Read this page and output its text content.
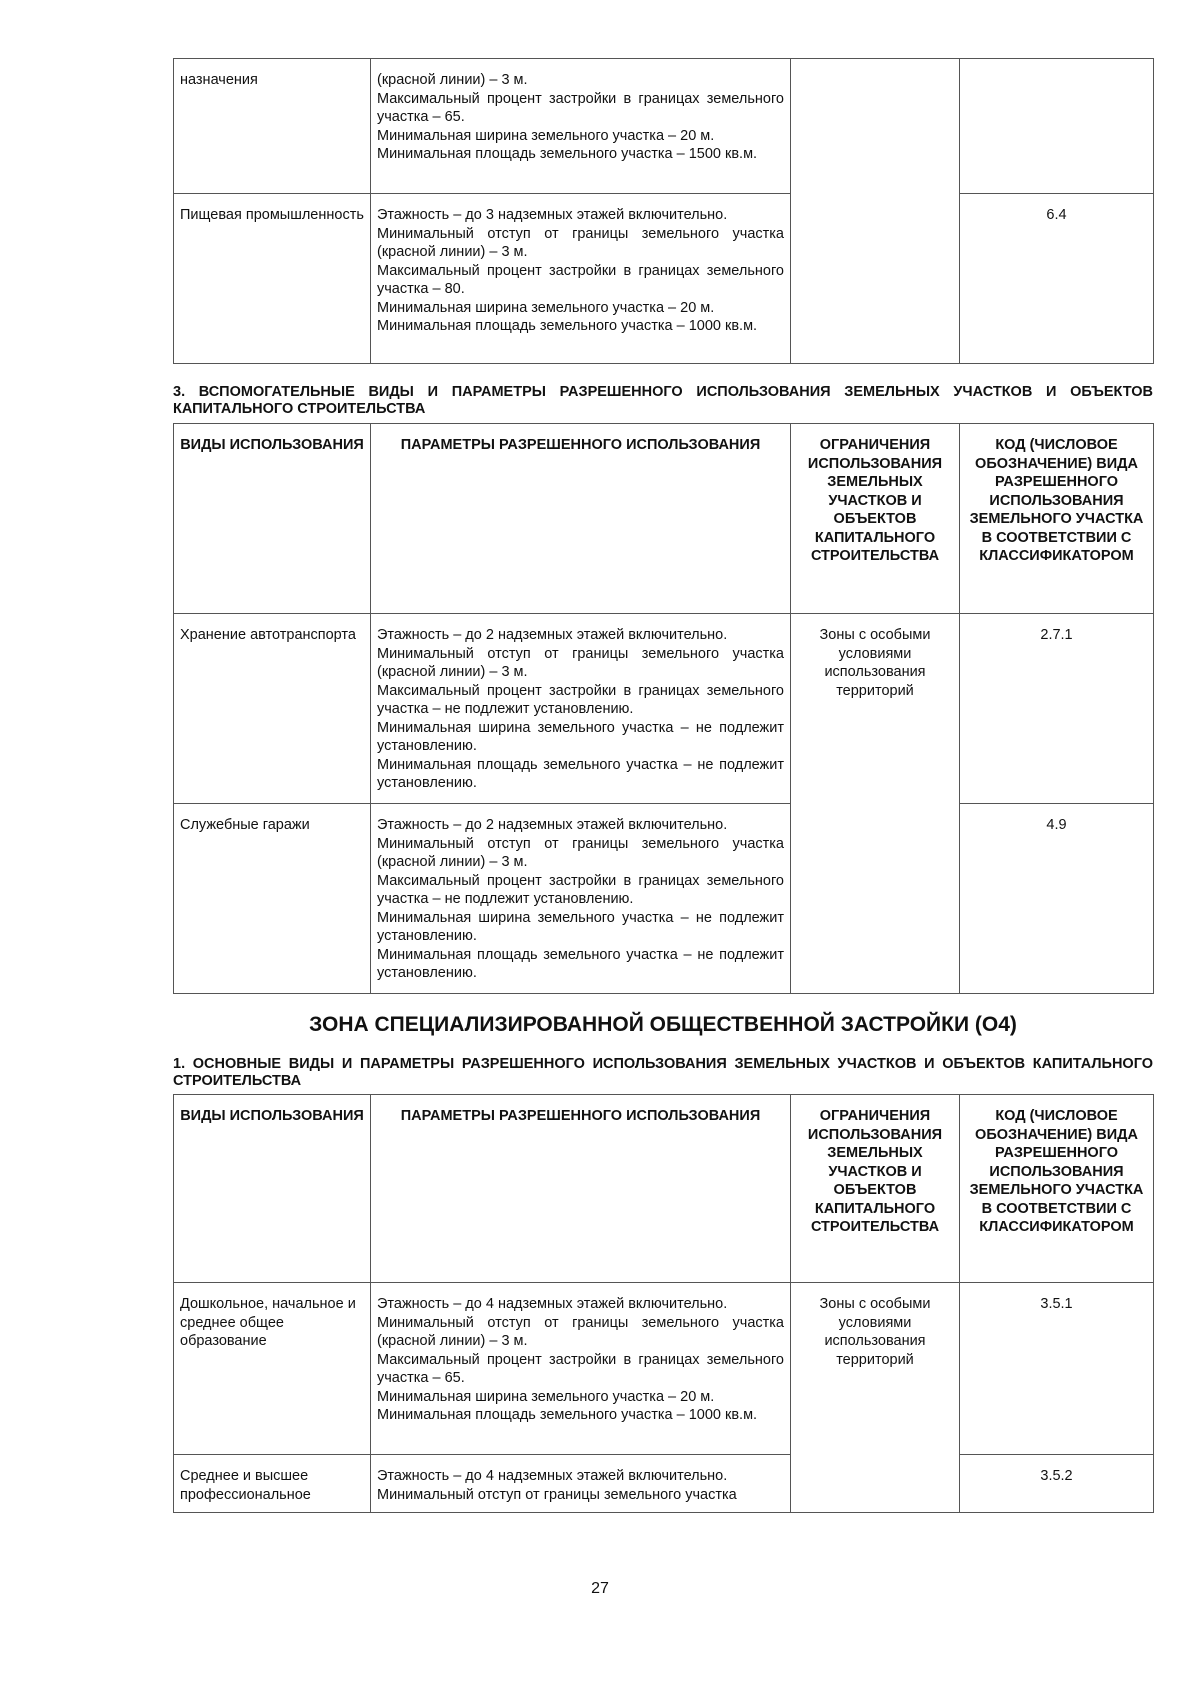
назначения	(красной линии) – 3 м.
Максимальный процент застройки в границах земельного участка – 65.
Минимальная ширина земельного участка – 20 м.
Минимальная площадь земельного участка – 1500 кв.м.		

Пищевая промышленность	Этажность – до 3 надземных этажей включительно.
Минимальный отступ от границы земельного участка (красной линии) – 3 м.
Максимальный процент застройки в границах земельного участка – 80.
Минимальная ширина земельного участка – 20 м.
Минимальная площадь земельного участка – 1000 кв.м.		6.4
3. ВСПОМОГАТЕЛЬНЫЕ ВИДЫ И ПАРАМЕТРЫ РАЗРЕШЕННОГО ИСПОЛЬЗОВАНИЯ ЗЕМЕЛЬНЫХ УЧАСТКОВ И ОБЪЕКТОВ КАПИТАЛЬНОГО СТРОИТЕЛЬСТВА
ВИДЫ ИСПОЛЬЗОВАНИЯ	ПАРАМЕТРЫ РАЗРЕШЕННОГО ИСПОЛЬЗОВАНИЯ	ОГРАНИЧЕНИЯ ИСПОЛЬЗОВАНИЯ ЗЕМЕЛЬНЫХ УЧАСТКОВ И ОБЪЕКТОВ КАПИТАЛЬНОГО СТРОИТЕЛЬСТВА	КОД (ЧИСЛОВОЕ ОБОЗНАЧЕНИЕ) ВИДА РАЗРЕШЕННОГО ИСПОЛЬЗОВАНИЯ ЗЕМЕЛЬНОГО УЧАСТКА В СООТВЕТСТВИИ С КЛАССИФИКАТОРОМ
Хранение автотранспорта	Этажность – до 2 надземных этажей включительно.
Минимальный отступ от границы земельного участка (красной линии) – 3 м.
Максимальный процент застройки в границах земельного участка – не подлежит установлению.
Минимальная ширина земельного участка – не подлежит установлению.
Минимальная площадь земельного участка – не подлежит установлению.	Зоны с особыми условиями использования территорий	2.7.1
Служебные гаражи	Этажность – до 2 надземных этажей включительно.
Минимальный отступ от границы земельного участка (красной линии) – 3 м.
Максимальный процент застройки в границах земельного участка – не подлежит установлению.
Минимальная ширина земельного участка – не подлежит установлению.
Минимальная площадь земельного участка – не подлежит установлению.		4.9
ЗОНА СПЕЦИАЛИЗИРОВАННОЙ ОБЩЕСТВЕННОЙ ЗАСТРОЙКИ (О4)
1. ОСНОВНЫЕ ВИДЫ И ПАРАМЕТРЫ РАЗРЕШЕННОГО ИСПОЛЬЗОВАНИЯ ЗЕМЕЛЬНЫХ УЧАСТКОВ И ОБЪЕКТОВ КАПИТАЛЬНОГО СТРОИТЕЛЬСТВА
ВИДЫ ИСПОЛЬЗОВАНИЯ	ПАРАМЕТРЫ РАЗРЕШЕННОГО ИСПОЛЬЗОВАНИЯ	ОГРАНИЧЕНИЯ ИСПОЛЬЗОВАНИЯ ЗЕМЕЛЬНЫХ УЧАСТКОВ И ОБЪЕКТОВ КАПИТАЛЬНОГО СТРОИТЕЛЬСТВА	КОД (ЧИСЛОВОЕ ОБОЗНАЧЕНИЕ) ВИДА РАЗРЕШЕННОГО ИСПОЛЬЗОВАНИЯ ЗЕМЕЛЬНОГО УЧАСТКА В СООТВЕТСТВИИ С КЛАССИФИКАТОРОМ
Дошкольное, начальное и среднее общее образование	Этажность – до 4 надземных этажей включительно.
Минимальный отступ от границы земельного участка (красной линии) – 3 м.
Максимальный процент застройки в границах земельного участка – 65.
Минимальная ширина земельного участка – 20 м.
Минимальная площадь земельного участка – 1000 кв.м.	Зоны с особыми условиями использования территорий	3.5.1
Среднее и высшее профессиональное	Этажность – до 4 надземных этажей включительно.
Минимальный отступ от границы земельного участка		3.5.2
27
